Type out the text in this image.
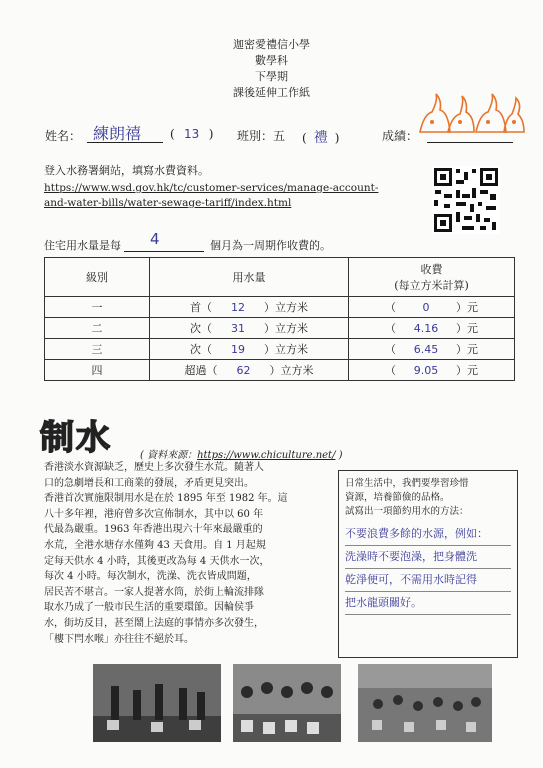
迦密愛禮信小學
數學科
下學期
課後延伸工作紙
姓名： 練朗禧 ( 13 ) 班別：五 ( 禮 )	成績：
登入水務署網站，填寫水費資料。
https://www.wsd.gov.hk/tc/customer-services/manage-account-
and-water-bills/water-sewage-tariff/index.html
住宅用水量是每 4	個月為一周期作收費的。
級別	用水量	收費
(每立方米計算)

一	首（ 12 ）立方米	（ 0 ）元
二	次（ 31 ）立方米	（ 4.16 ）元
三	次（ 19 ）立方米	（ 6.45 ）元
四	超過（ 62 ）立方米	（ 9.05 ）元
制水	( 資料來源：https://www.chiculture.net/ )
香港淡水資源缺乏，歷史上多次發生水荒。隨著人
口的急劇增長和工商業的發展，矛盾更見突出。
香港首次實施限制用水是在於 1895 年至 1982 年。這
八十多年裡，港府曾多次宣佈制水，其中以 60 年
代最為嚴重。1963 年香港出現六十年來最嚴重的
水荒，全港水塘存水僅夠 43 天食用。自 1 月起規
定每天供水 4 小時，其後更改為每 4 天供水一次，
每次 4 小時。每次制水，洗澡、洗衣皆成問題，
居民苦不堪言。一家人提著水筒，於街上輪流排隊
取水乃成了一般市民生活的重要環節。因輪侯爭
水，街坊反目，甚至鬧上法庭的事情亦多次發生，
「樓下閂水喉」亦往往不絕於耳。
日常生活中，我們要學習珍惜
資源，培養節儉的品格。
試寫出一項節約用水的方法：
不要浪費多餘的水源，例如：
洗澡時不要泡澡，把身體洗
乾淨便可，不需用水時記得
把水龍頭關好。
